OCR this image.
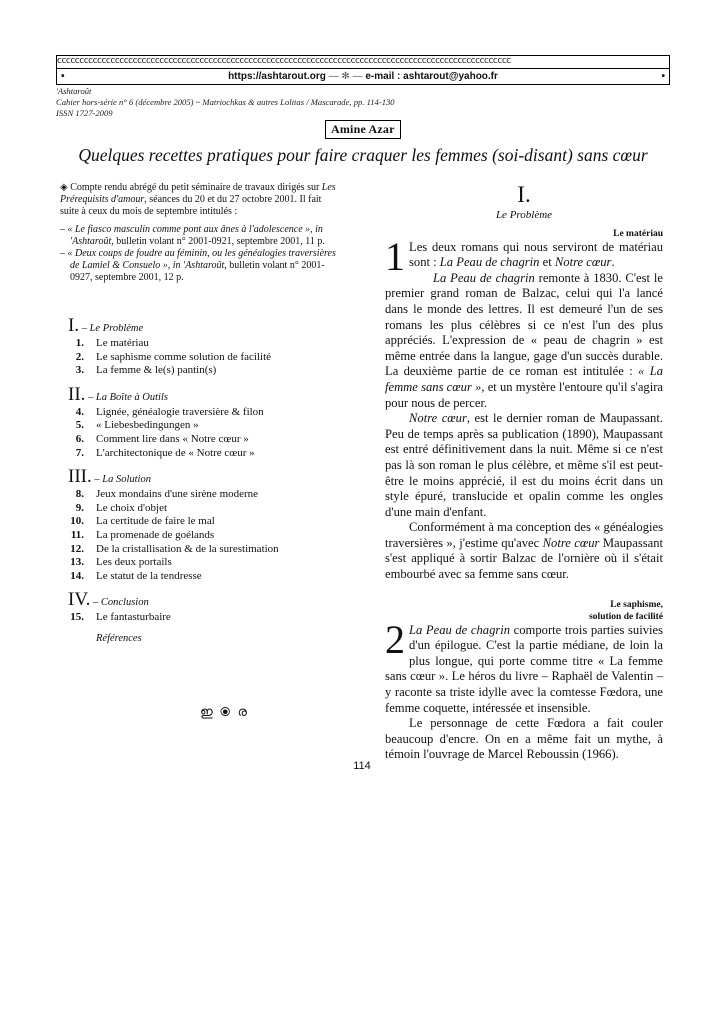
cccccccccccccccccccccccccccccccccccccccccccccccccccccccccccccccccccccccccccccccccccccccccccccccccccccc
•	https://ashtarout.org — ✻ — e-mail : ashtarout@yahoo.fr	•
'Ashtaroût
Cahier hors-série n° 6 (décembre 2005) ~ Matriochkas & autres Lolitas / Mascarade, pp. 114-130
ISSN 1727-2009
Amine Azar
Quelques recettes pratiques pour faire craquer les femmes (soi-disant) sans cœur

◈ Compte rendu abrégé du petit séminaire de travaux dirigés sur Les Prérequisits d'amour, séances du 20 et du 27 octobre 2001. Il fait suite à ceux du mois de septembre intitulés :

– « Le fiasco masculin comme pont aux ânes à l'adolescence », in 'Ashtaroût, bulletin volant n° 2001-0921, septembre 2001, 11 p.
– « Deux coups de foudre au féminin, ou les généalogies traversières de Lamiel & Consuelo », in 'Ashtaroût, bulletin volant n° 2001-0927, septembre 2001, 12 p.
I. – Le Problème
1. Le matériau
2. Le saphisme comme solution de facilité
3. La femme & le(s) pantin(s)
II. – La Boîte à Outils
4. Lignée, généalogie traversière & filon
5. « Liebesbedingungen »
6. Comment lire dans « Notre cœur »
7. L'architectonique de « Notre cœur »
III. – La Solution
8. Jeux mondains d'une sirène moderne
9. Le choix d'objet
10. La certitude de faire le mal
11. La promenade de goélands
12. De la cristallisation & de la surestimation
13. Les deux portails
14. Le statut de la tendresse
IV. – Conclusion
15. Le fantasturbaire
Références
ഇ ⦿ ര
I.
Le Problème
Le matériau

1 Les deux romans qui nous serviront de matériau sont : La Peau de chagrin et Notre cœur.

La Peau de chagrin remonte à 1830. C'est le premier grand roman de Balzac, celui qui l'a lancé dans le monde des lettres. Il est demeuré l'un de ses romans les plus célèbres si ce n'est l'un des plus appréciés. L'expression de « peau de chagrin » est même entrée dans la langue, gage d'un succès durable. La deuxième partie de ce roman est intitulée : « La femme sans cœur », et un mystère l'entoure qu'il s'agira pour nous de percer.

Notre cœur, est le dernier roman de Maupassant. Peu de temps après sa publication (1890), Maupassant est entré définitivement dans la nuit. Même si ce n'est pas là son roman le plus célèbre, et même s'il est peut-être le moins apprécié, il est du moins écrit dans un style épuré, translucide et opalin comme les ongles d'une main d'enfant.

Conformément à ma conception des « généalogies traversières », j'estime qu'avec Notre cœur Maupassant s'est appliqué à sortir Balzac de l'ornière où il s'était embourbé avec sa femme sans cœur.

Le saphisme,
solution de facilité

2 La Peau de chagrin comporte trois parties suivies d'un épilogue. C'est la partie médiane, de loin la plus longue, qui porte comme titre « La femme sans cœur ». Le héros du livre – Raphaël de Valentin – y raconte sa triste idylle avec la comtesse Fœdora, une femme coquette, intéressée et insensible.

Le personnage de cette Fœdora a fait couler beaucoup d'encre. On en a même fait un mythe, à témoin l'ouvrage de Marcel Reboussin (1966).

114
